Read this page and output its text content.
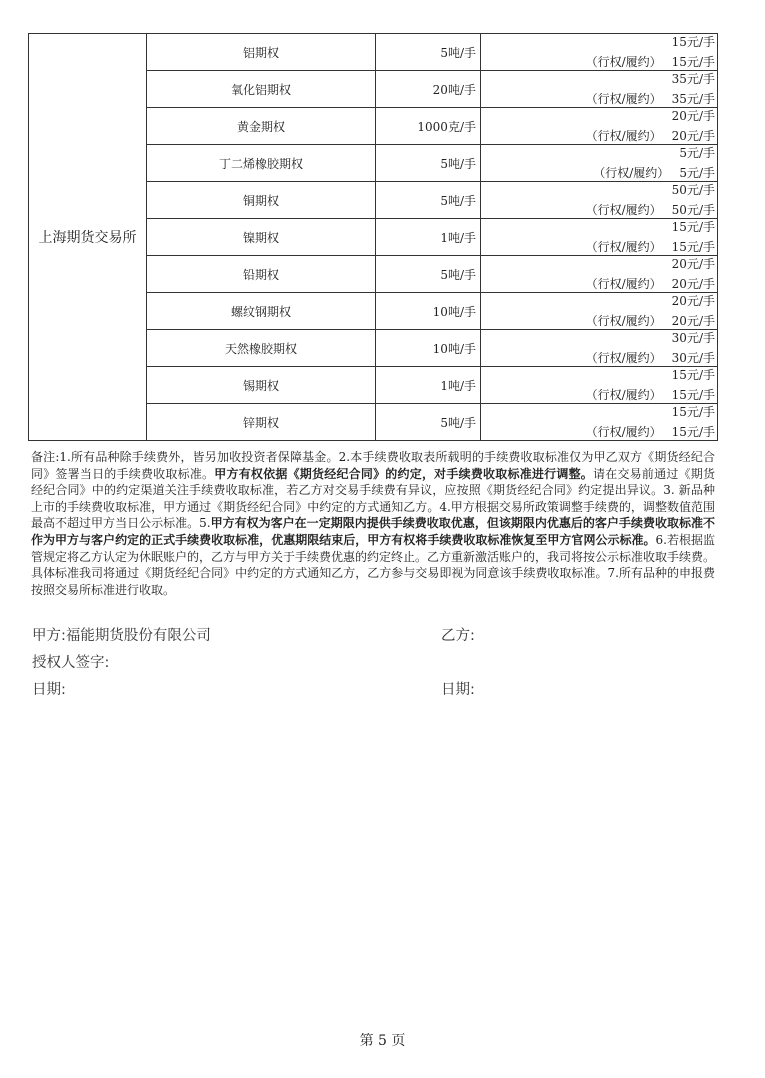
上海期货交易所	铝期权	5吨/手	15元/手
（行权/履约） 15元/手

	氧化铝期权	20吨/手	35元/手
（行权/履约） 35元/手

	黄金期权	1000克/手	20元/手
（行权/履约） 20元/手

	丁二烯橡胶期权	5吨/手	5元/手
（行权/履约） 5元/手

	铜期权	5吨/手	50元/手
（行权/履约） 50元/手

	镍期权	1吨/手	15元/手
（行权/履约） 15元/手

	铅期权	5吨/手	20元/手
（行权/履约） 20元/手

	螺纹钢期权	10吨/手	20元/手
（行权/履约） 20元/手

	天然橡胶期权	10吨/手	30元/手
（行权/履约） 30元/手

	锡期权	1吨/手	15元/手
（行权/履约） 15元/手

	锌期权	5吨/手	15元/手
（行权/履约） 15元/手
备注:1.所有品种除手续费外，皆另加收投资者保障基金。2.本手续费收取表所载明的手续费收取标准仅为甲乙双方《期货经纪合同》签署当日的手续费收取标准。甲方有权依据《期货经纪合同》的约定，对手续费收取标准进行调整。请在交易前通过《期货经纪合同》中的约定渠道关注手续费收取标准，若乙方对交易手续费有异议，应按照《期货经纪合同》约定提出异议。3. 新品种上市的手续费收取标准，甲方通过《期货经纪合同》中约定的方式通知乙方。4.甲方根据交易所政策调整手续费的，调整数值范围最高不超过甲方当日公示标准。5.甲方有权为客户在一定期限内提供手续费收取优惠，但该期限内优惠后的客户手续费收取标准不作为甲方与客户约定的正式手续费收取标准，优惠期限结束后，甲方有权将手续费收取标准恢复至甲方官网公示标准。6.若根据监管规定将乙方认定为休眠账户的，乙方与甲方关于手续费优惠的约定终止。乙方重新激活账户的，我司将按公示标准收取手续费。具体标准我司将通过《期货经纪合同》中约定的方式通知乙方，乙方参与交易即视为同意该手续费收取标准。7.所有品种的申报费按照交易所标准进行收取。
甲方:福能期货股份有限公司	乙方:
授权人签字:
日期:	日期:
第 5 页
